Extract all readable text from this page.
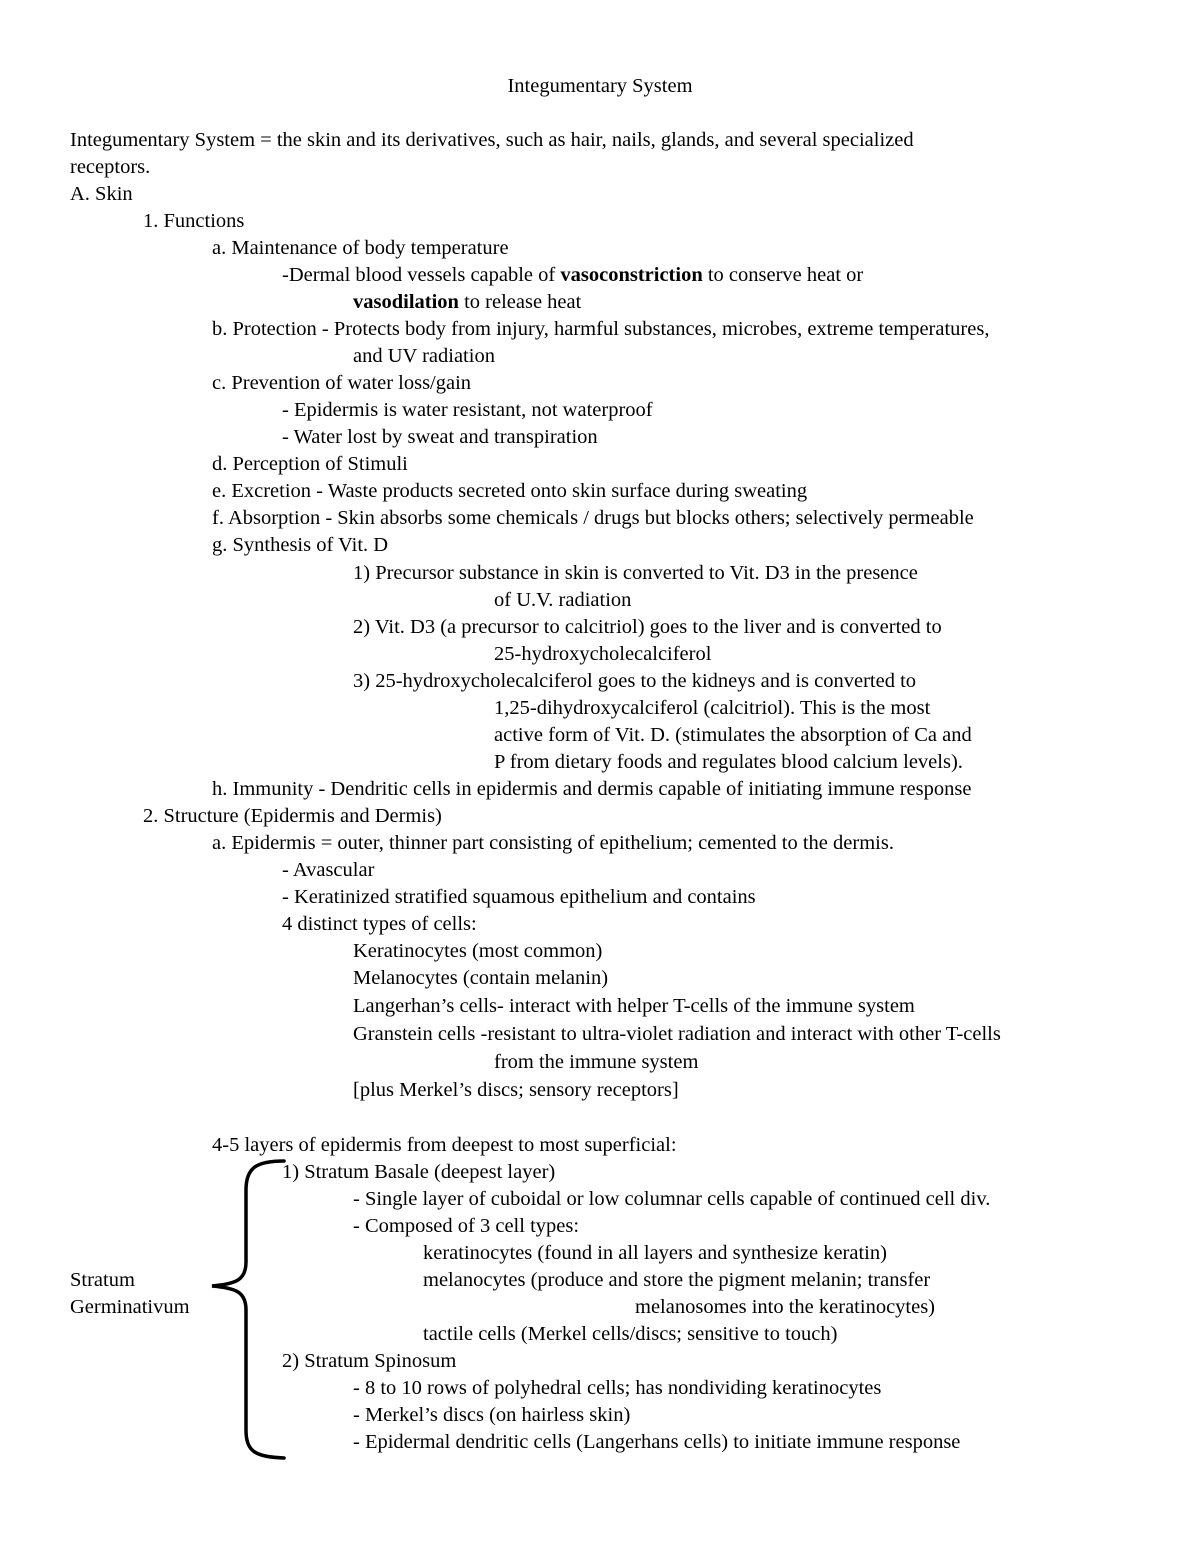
Integumentary System
Integumentary System = the skin and its derivatives, such as hair, nails, glands, and several specialized
receptors.
A. Skin
1. Functions
a. Maintenance of body temperature
-Dermal blood vessels capable of vasoconstriction to conserve heat or
vasodilation to release heat
b. Protection - Protects body from injury, harmful substances, microbes, extreme temperatures,
and UV radiation
c. Prevention of water loss/gain
- Epidermis is water resistant, not waterproof
- Water lost by sweat and transpiration
d. Perception of Stimuli
e. Excretion - Waste products secreted onto skin surface during sweating
f. Absorption - Skin absorbs some chemicals / drugs but blocks others; selectively permeable
g. Synthesis of Vit. D
1) Precursor substance in skin is converted to Vit. D3 in the presence
of U.V. radiation
2) Vit. D3 (a precursor to calcitriol) goes to the liver and is converted to
25-hydroxycholecalciferol
3) 25-hydroxycholecalciferol goes to the kidneys and is converted to
1,25-dihydroxycalciferol (calcitriol). This is the most
active form of Vit. D. (stimulates the absorption of Ca and
P from dietary foods and regulates blood calcium levels).
h. Immunity - Dendritic cells in epidermis and dermis capable of initiating immune response
2. Structure (Epidermis and Dermis)
a. Epidermis = outer, thinner part consisting of epithelium; cemented to the dermis.
- Avascular
- Keratinized stratified squamous epithelium and contains
4 distinct types of cells:
Keratinocytes (most common)
Melanocytes (contain melanin)
Langerhan’s cells- interact with helper T-cells of the immune system
Granstein cells -resistant to ultra-violet radiation and interact with other T-cells
from the immune system
[plus Merkel’s discs; sensory receptors]
4-5 layers of epidermis from deepest to most superficial:
1) Stratum Basale (deepest layer)
- Single layer of cuboidal or low columnar cells capable of continued cell div.
- Composed of 3 cell types:
keratinocytes (found in all layers and synthesize keratin)
melanocytes (produce and store the pigment melanin; transfer
melanosomes into the keratinocytes)
tactile cells (Merkel cells/discs; sensitive to touch)
2) Stratum Spinosum
- 8 to 10 rows of polyhedral cells; has nondividing keratinocytes
- Merkel’s discs (on hairless skin)
- Epidermal dendritic cells (Langerhans cells) to initiate immune response
Stratum
Germinativum
